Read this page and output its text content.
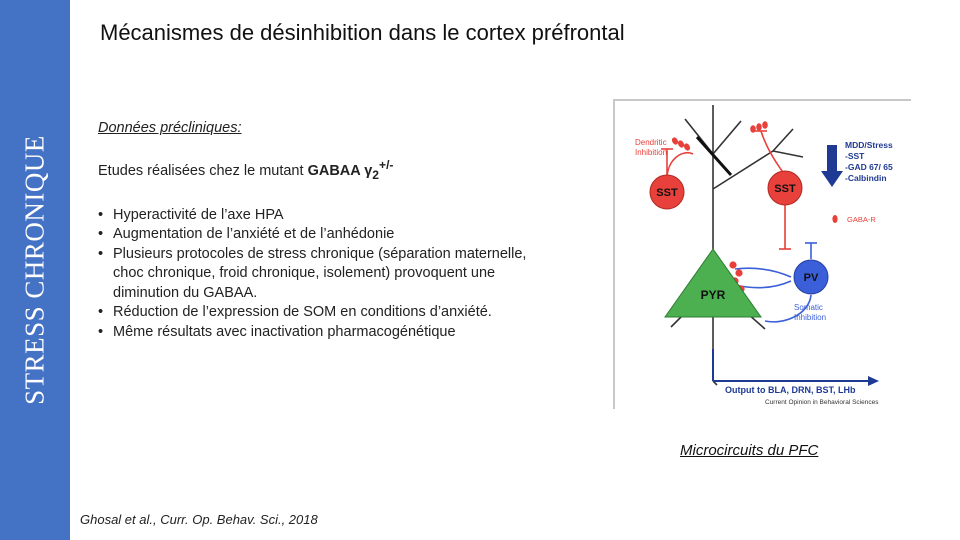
STRESS CHRONIQUE
Mécanismes de désinhibition dans le cortex préfrontal
Données précliniques:
Etudes réalisées chez le mutant GABAA $\gamma_2^{+/-}$
• Hyperactivité de l’axe HPA
• Augmentation de l’anxiété et de l’anhédonie
• Plusieurs protocoles de stress chronique (séparation maternelle, choc chronique, froid chronique, isolement) provoquent une diminution du GABAA.
• Réduction de l’expression de SOM en conditions d’anxiété.
• Même résultats avec inactivation pharmacogénétique
PYR
SST	SST
PV
Dendritic
Inhibition
Somatic
Inhibition
MDD/Stress
-SST
-GAD 67/ 65
-Calbindin
GABA-R
Output to BLA, DRN, BST, LHb
Current Opinion in Behavioral Sciences
Microcircuits du PFC
Ghosal et al., Curr. Op. Behav. Sci., 2018
